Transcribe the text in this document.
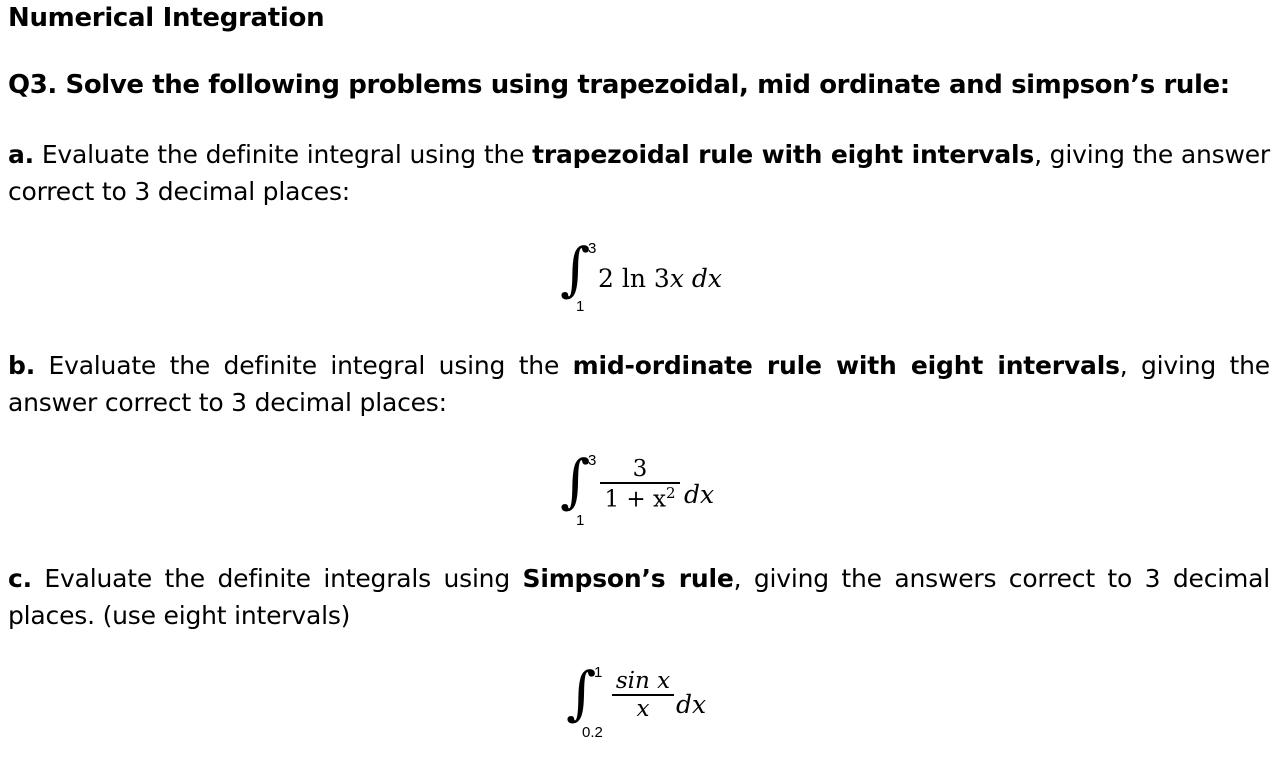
Numerical Integration
Q3. Solve the following problems using trapezoidal, mid ordinate and simpson’s rule:
a. Evaluate the definite integral using the trapezoidal rule with eight intervals, giving the answer correct to 3 decimal places:
∫
3
1
2 ln 3x dx
b. Evaluate the definite integral using the mid-ordinate rule with eight intervals, giving the answer correct to 3 decimal places:
∫
3
1
3
$1 + x^2$ dx
c. Evaluate the definite integrals using Simpson’s rule, giving the answers correct to 3 decimal places. (use eight intervals)
∫
1
0.2
sin x
x	dx
